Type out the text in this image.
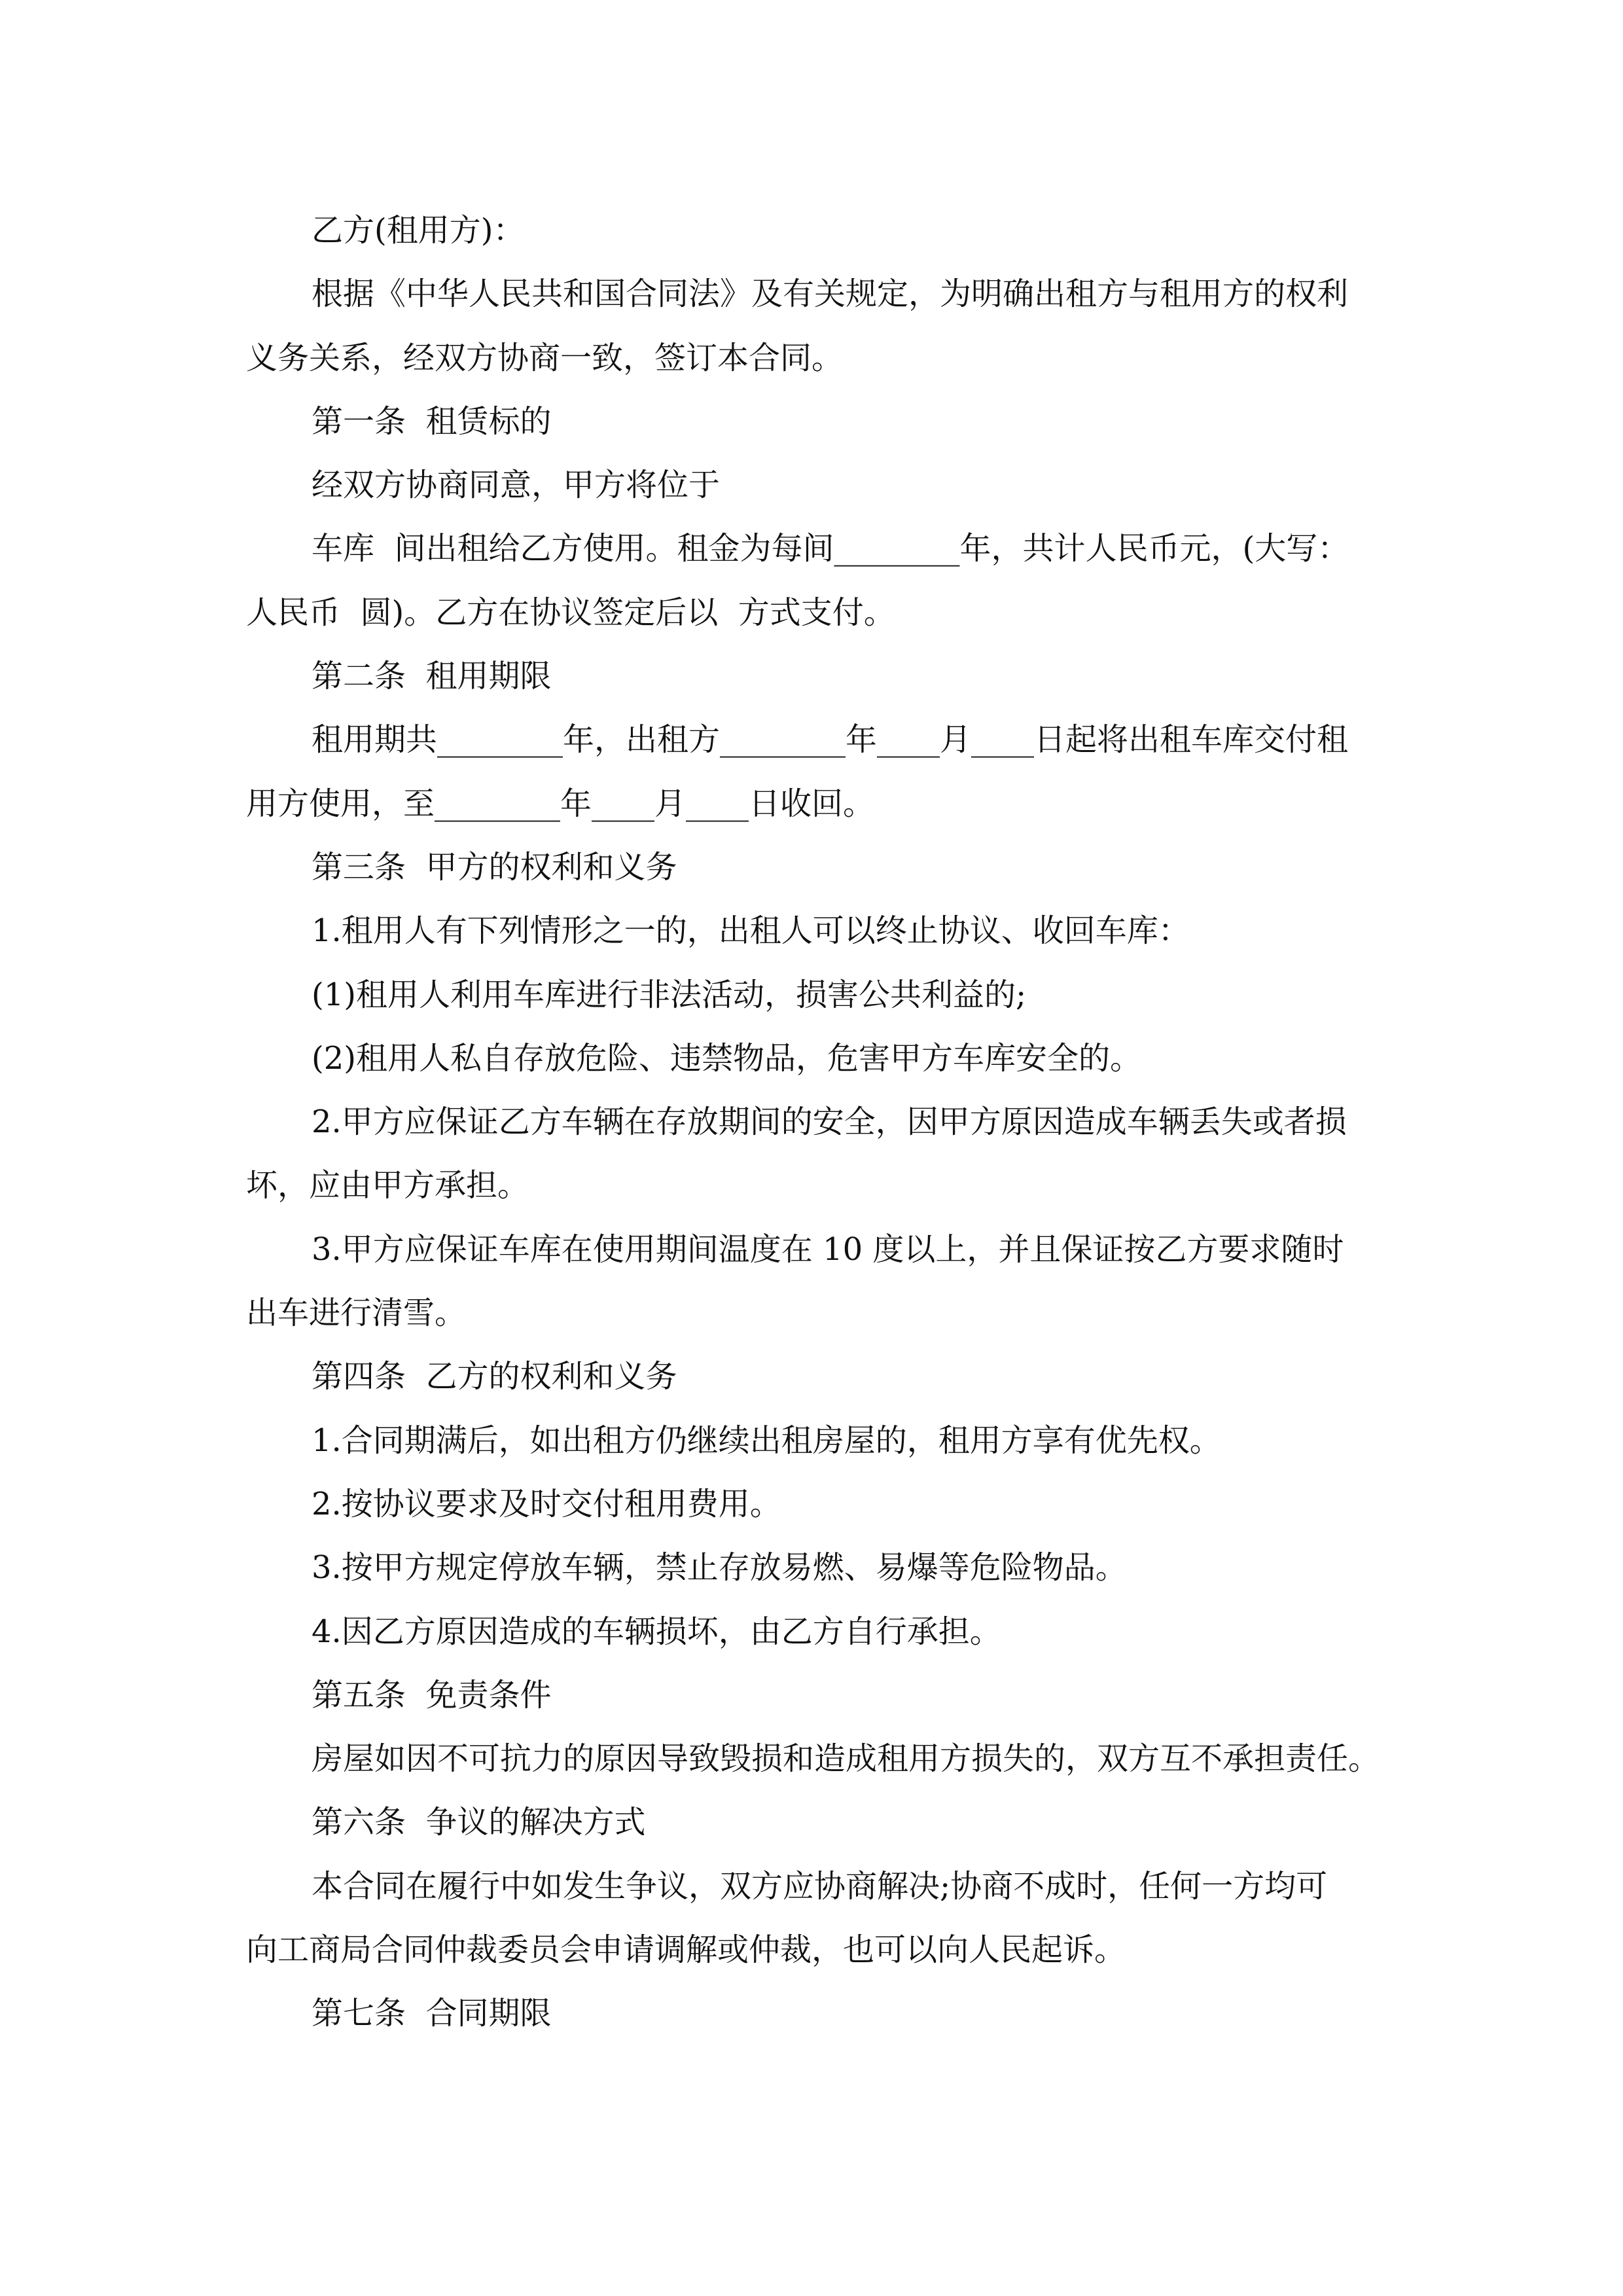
乙方(租用方)：
根据《中华人民共和国合同法》及有关规定，为明确出租方与租用方的权利
义务关系，经双方协商一致，签订本合同。
第一条  租赁标的
经双方协商同意，甲方将位于
车库  间出租给乙方使用。租金为每间________年，共计人民币元，(大写：
人民币  圆)。乙方在协议签定后以  方式支付。
第二条  租用期限
租用期共________年，出租方________年____月____日起将出租车库交付租
用方使用，至________年____月____日收回。
第三条  甲方的权利和义务
1.租用人有下列情形之一的，出租人可以终止协议、收回车库：
(1)租用人利用车库进行非法活动，损害公共利益的;
(2)租用人私自存放危险、违禁物品，危害甲方车库安全的。
2.甲方应保证乙方车辆在存放期间的安全，因甲方原因造成车辆丢失或者损
坏，应由甲方承担。
3.甲方应保证车库在使用期间温度在 10 度以上，并且保证按乙方要求随时
出车进行清雪。
第四条  乙方的权利和义务
1.合同期满后，如出租方仍继续出租房屋的，租用方享有优先权。
2.按协议要求及时交付租用费用。
3.按甲方规定停放车辆，禁止存放易燃、易爆等危险物品。
4.因乙方原因造成的车辆损坏，由乙方自行承担。
第五条  免责条件
房屋如因不可抗力的原因导致毁损和造成租用方损失的，双方互不承担责任。
第六条  争议的解决方式
本合同在履行中如发生争议，双方应协商解决;协商不成时，任何一方均可
向工商局合同仲裁委员会申请调解或仲裁，也可以向人民起诉。
第七条  合同期限
